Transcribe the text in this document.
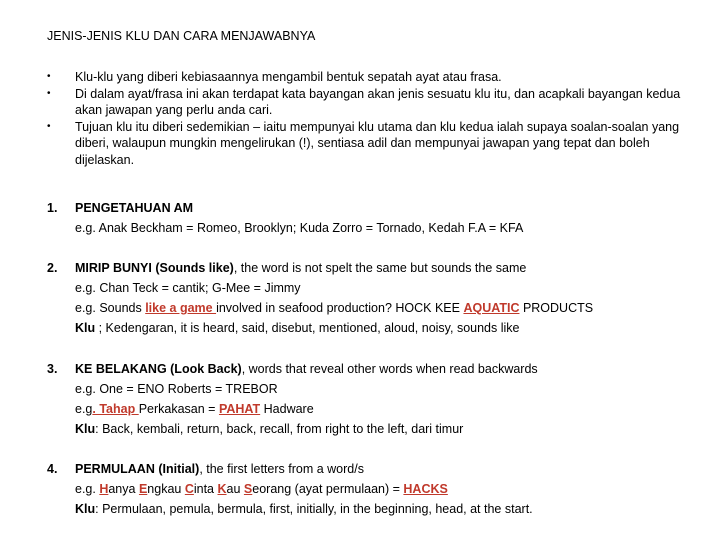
JENIS-JENIS KLU DAN CARA MENJAWABNYA
•	Klu-klu yang diberi kebiasaannya mengambil bentuk sepatah ayat atau frasa.
•	Di dalam ayat/frasa ini akan terdapat kata bayangan akan jenis sesuatu klu itu, dan acapkali bayangan kedua akan jawapan yang perlu anda cari.
•	Tujuan klu itu diberi sedemikian – iaitu mempunyai klu utama dan klu kedua ialah supaya soalan-soalan yang diberi, walaupun mungkin mengelirukan (!), sentiasa adil dan mempunyai jawapan yang tepat dan boleh dijelaskan.
1. PENGETAHUAN AM
e.g. Anak Beckham = Romeo, Brooklyn; Kuda Zorro = Tornado, Kedah F.A = KFA
2. MIRIP BUNYI (Sounds like), the word is not spelt the same but sounds the same
e.g. Chan Teck = cantik; G-Mee = Jimmy
e.g. Sounds like a game involved in seafood production? HOCK KEE AQUATIC PRODUCTS
Klu ; Kedengaran, it is heard, said, disebut, mentioned, aloud, noisy, sounds like
3. KE BELAKANG (Look Back), words that reveal other words when read backwards
e.g. One = ENO Roberts = TREBOR
e.g. Tahap Perkakasan = PAHAT Hadware
Klu: Back, kembali, return, back, recall, from right to the left, dari timur
4. PERMULAAN (Initial), the first letters from a word/s
e.g. Hanya Engkau Cinta Kau Seorang (ayat permulaan) = HACKS
Klu: Permulaan, pemula, bermula, first, initially, in the beginning, head, at the start.
